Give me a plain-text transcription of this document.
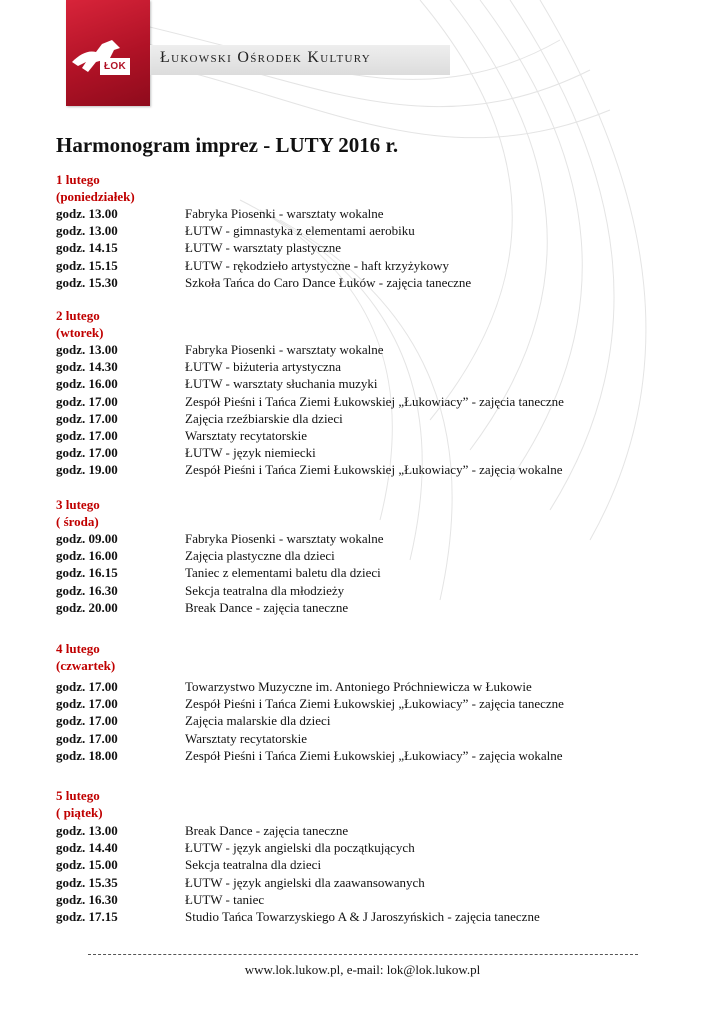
ŁOK
Łukowski Ośrodek Kultury
Harmonogram imprez - LUTY 2016 r.
1 lutego
(poniedziałek)
godz. 13.00	Fabryka Piosenki - warsztaty wokalne
godz. 13.00	ŁUTW - gimnastyka z elementami aerobiku
godz. 14.15	ŁUTW - warsztaty plastyczne
godz. 15.15	ŁUTW - rękodzieło artystyczne - haft krzyżykowy
godz. 15.30	Szkoła Tańca do Caro Dance Łuków - zajęcia taneczne
2 lutego
(wtorek)
godz. 13.00	Fabryka Piosenki - warsztaty wokalne
godz. 14.30	ŁUTW - biżuteria artystyczna
godz. 16.00	ŁUTW - warsztaty słuchania muzyki
godz. 17.00	Zespół Pieśni i Tańca Ziemi Łukowskiej „Łukowiacy” - zajęcia taneczne
godz. 17.00	Zajęcia rzeźbiarskie dla dzieci
godz. 17.00	Warsztaty recytatorskie
godz. 17.00	ŁUTW - język niemiecki
godz. 19.00	Zespół Pieśni i Tańca Ziemi Łukowskiej „Łukowiacy” - zajęcia wokalne
3 lutego
( środa)
godz. 09.00	Fabryka Piosenki - warsztaty wokalne
godz. 16.00	Zajęcia plastyczne dla dzieci
godz. 16.15	Taniec z elementami baletu dla dzieci
godz. 16.30	Sekcja teatralna dla młodzieży
godz. 20.00	Break Dance - zajęcia taneczne
4 lutego
(czwartek)
godz. 17.00	Towarzystwo Muzyczne im. Antoniego Próchniewicza w Łukowie
godz. 17.00	Zespół Pieśni i Tańca Ziemi Łukowskiej „Łukowiacy” - zajęcia taneczne
godz. 17.00	Zajęcia malarskie dla dzieci
godz. 17.00	Warsztaty recytatorskie
godz. 18.00	Zespół Pieśni i Tańca Ziemi Łukowskiej „Łukowiacy” - zajęcia wokalne
5 lutego
( piątek)
godz. 13.00	Break Dance - zajęcia taneczne
godz. 14.40	ŁUTW - język angielski dla początkujących
godz. 15.00	Sekcja teatralna dla dzieci
godz. 15.35	ŁUTW - język angielski dla zaawansowanych
godz. 16.30	ŁUTW - taniec
godz. 17.15	Studio Tańca Towarzyskiego A & J Jaroszyńskich - zajęcia taneczne
www.lok.lukow.pl, e-mail: lok@lok.lukow.pl
